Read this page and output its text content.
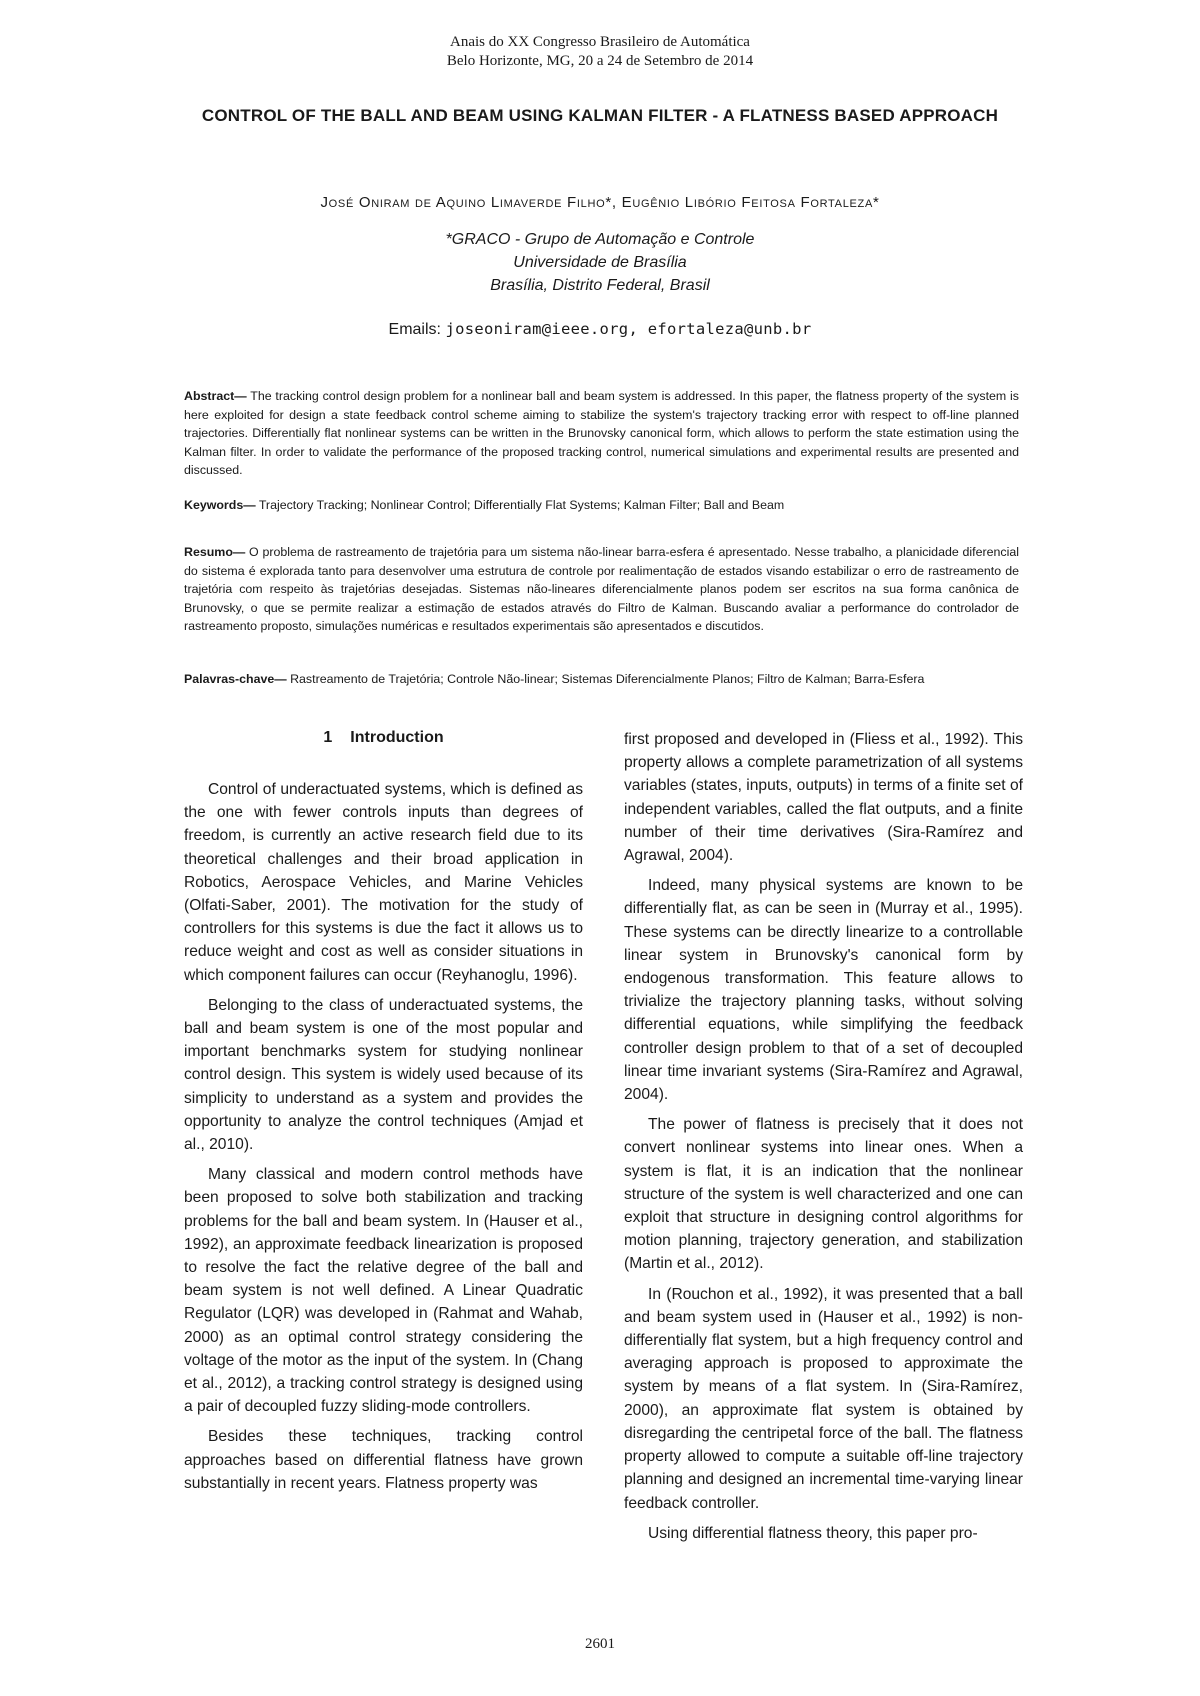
Anais do XX Congresso Brasileiro de Automática
Belo Horizonte, MG, 20 a 24 de Setembro de 2014
CONTROL OF THE BALL AND BEAM USING KALMAN FILTER - A FLATNESS BASED APPROACH
José Oniram de Aquino Limaverde Filho*, Eugênio Libório Feitosa Fortaleza*
*GRACO - Grupo de Automação e Controle
Universidade de Brasília
Brasília, Distrito Federal, Brasil
Emails: joseoniram@ieee.org, efortaleza@unb.br
Abstract— The tracking control design problem for a nonlinear ball and beam system is addressed. In this paper, the flatness property of the system is here exploited for design a state feedback control scheme aiming to stabilize the system's trajectory tracking error with respect to off-line planned trajectories. Differentially flat nonlinear systems can be written in the Brunovsky canonical form, which allows to perform the state estimation using the Kalman filter. In order to validate the performance of the proposed tracking control, numerical simulations and experimental results are presented and discussed.
Keywords— Trajectory Tracking; Nonlinear Control; Differentially Flat Systems; Kalman Filter; Ball and Beam
Resumo— O problema de rastreamento de trajetória para um sistema não-linear barra-esfera é apresentado. Nesse trabalho, a planicidade diferencial do sistema é explorada tanto para desenvolver uma estrutura de controle por realimentação de estados visando estabilizar o erro de rastreamento de trajetória com respeito às trajetórias desejadas. Sistemas não-lineares diferencialmente planos podem ser escritos na sua forma canônica de Brunovsky, o que se permite realizar a estimação de estados através do Filtro de Kalman. Buscando avaliar a performance do controlador de rastreamento proposto, simulações numéricas e resultados experimentais são apresentados e discutidos.
Palavras-chave— Rastreamento de Trajetória; Controle Não-linear; Sistemas Diferencialmente Planos; Filtro de Kalman; Barra-Esfera
1 Introduction

Control of underactuated systems, which is defined as the one with fewer controls inputs than degrees of freedom, is currently an active research field due to its theoretical challenges and their broad application in Robotics, Aerospace Vehicles, and Marine Vehicles (Olfati-Saber, 2001). The motivation for the study of controllers for this systems is due the fact it allows us to reduce weight and cost as well as consider situations in which component failures can occur (Reyhanoglu, 1996).

Belonging to the class of underactuated systems, the ball and beam system is one of the most popular and important benchmarks system for studying nonlinear control design. This system is widely used because of its simplicity to understand as a system and provides the opportunity to analyze the control techniques (Amjad et al., 2010).

Many classical and modern control methods have been proposed to solve both stabilization and tracking problems for the ball and beam system. In (Hauser et al., 1992), an approximate feedback linearization is proposed to resolve the fact the relative degree of the ball and beam system is not well defined. A Linear Quadratic Regulator (LQR) was developed in (Rahmat and Wahab, 2000) as an optimal control strategy considering the voltage of the motor as the input of the system. In (Chang et al., 2012), a tracking control strategy is designed using a pair of decoupled fuzzy sliding-mode controllers.

Besides these techniques, tracking control approaches based on differential flatness have grown substantially in recent years. Flatness property was

first proposed and developed in (Fliess et al., 1992). This property allows a complete parametrization of all systems variables (states, inputs, outputs) in terms of a finite set of independent variables, called the flat outputs, and a finite number of their time derivatives (Sira-Ramírez and Agrawal, 2004).

Indeed, many physical systems are known to be differentially flat, as can be seen in (Murray et al., 1995). These systems can be directly linearize to a controllable linear system in Brunovsky's canonical form by endogenous transformation. This feature allows to trivialize the trajectory planning tasks, without solving differential equations, while simplifying the feedback controller design problem to that of a set of decoupled linear time invariant systems (Sira-Ramírez and Agrawal, 2004).

The power of flatness is precisely that it does not convert nonlinear systems into linear ones. When a system is flat, it is an indication that the nonlinear structure of the system is well characterized and one can exploit that structure in designing control algorithms for motion planning, trajectory generation, and stabilization (Martin et al., 2012).

In (Rouchon et al., 1992), it was presented that a ball and beam system used in (Hauser et al., 1992) is non-differentially flat system, but a high frequency control and averaging approach is proposed to approximate the system by means of a flat system. In (Sira-Ramírez, 2000), an approximate flat system is obtained by disregarding the centripetal force of the ball. The flatness property allowed to compute a suitable off-line trajectory planning and designed an incremental time-varying linear feedback controller.

Using differential flatness theory, this paper pro-

2601
